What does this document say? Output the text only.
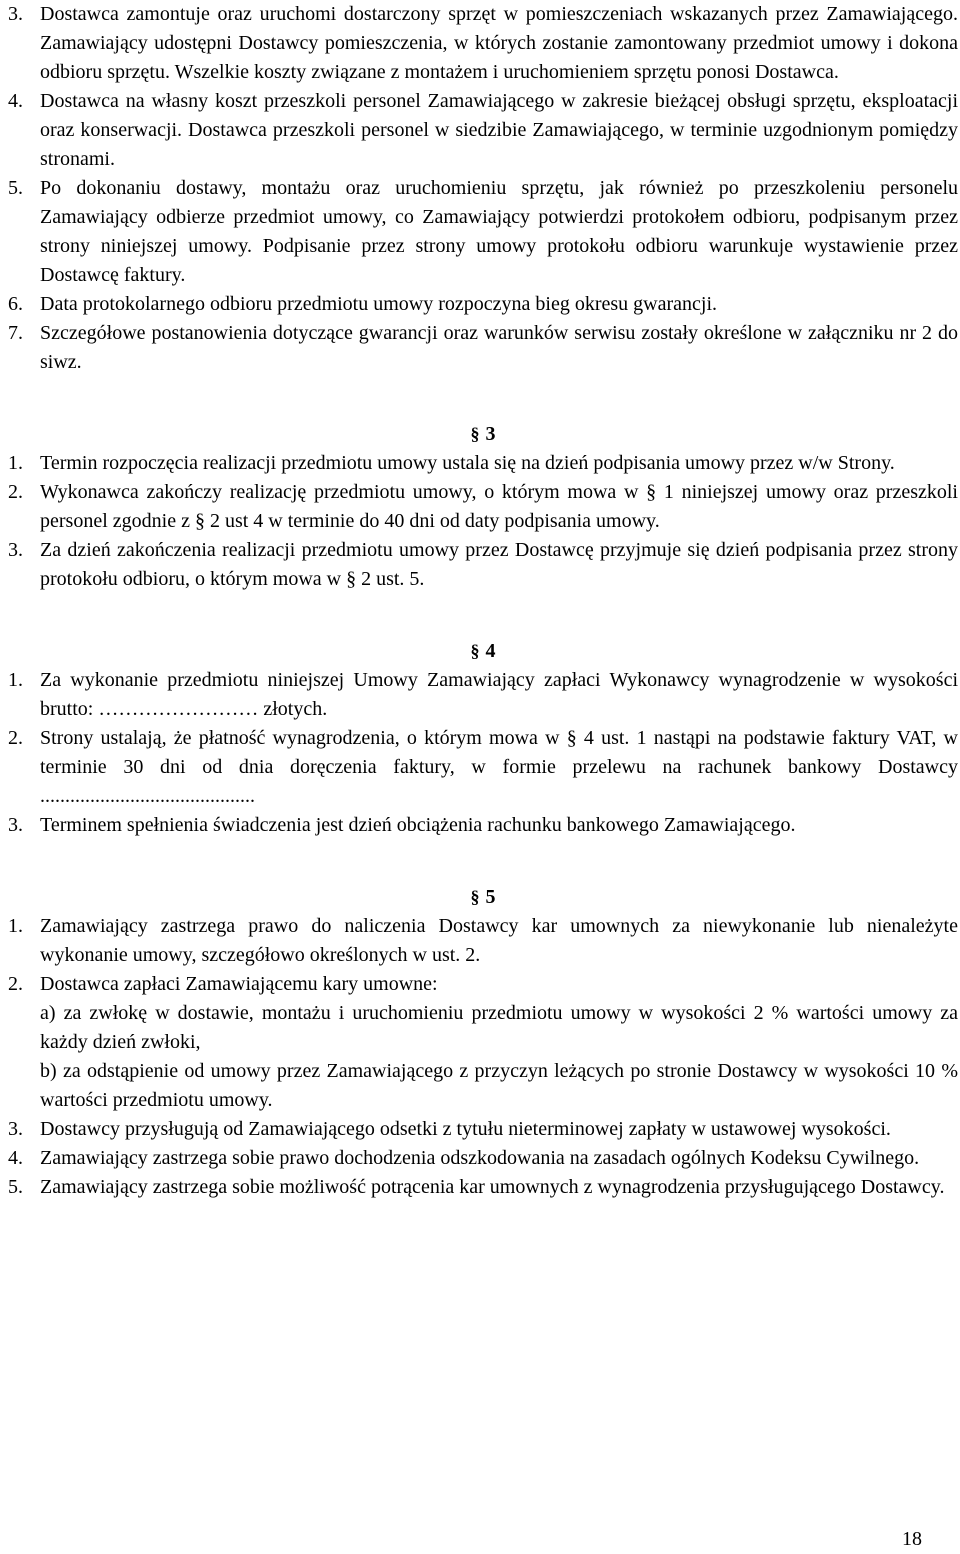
3. Dostawca zamontuje oraz uruchomi dostarczony sprzęt w pomieszczeniach wskazanych przez Zamawiającego. Zamawiający udostępni Dostawcy pomieszczenia, w których zostanie zamontowany przedmiot umowy i dokona odbioru sprzętu. Wszelkie koszty związane z montażem i uruchomieniem sprzętu ponosi Dostawca.
4. Dostawca na własny koszt przeszkoli personel Zamawiającego w zakresie bieżącej obsługi sprzętu, eksploatacji oraz konserwacji. Dostawca przeszkoli personel w siedzibie Zamawiającego, w terminie uzgodnionym pomiędzy stronami.
5. Po dokonaniu dostawy, montażu oraz uruchomieniu sprzętu, jak również po przeszkoleniu personelu Zamawiający odbierze przedmiot umowy, co Zamawiający potwierdzi protokołem odbioru, podpisanym przez strony niniejszej umowy. Podpisanie przez strony umowy protokołu odbioru warunkuje wystawienie przez Dostawcę faktury.
6. Data protokolarnego odbioru przedmiotu umowy rozpoczyna bieg okresu gwarancji.
7. Szczegółowe postanowienia dotyczące gwarancji oraz warunków serwisu zostały określone w załączniku nr 2 do siwz.
§ 3
1. Termin rozpoczęcia realizacji przedmiotu umowy ustala się na dzień podpisania umowy przez w/w Strony.
2. Wykonawca zakończy realizację przedmiotu umowy, o którym mowa w § 1 niniejszej umowy oraz przeszkoli personel zgodnie z § 2 ust 4 w terminie do 40 dni od daty podpisania umowy.
3. Za dzień zakończenia realizacji przedmiotu umowy przez Dostawcę przyjmuje się dzień podpisania przez strony protokołu odbioru, o którym mowa w § 2 ust. 5.
§ 4
1. Za wykonanie przedmiotu niniejszej Umowy Zamawiający zapłaci Wykonawcy wynagrodzenie w wysokości brutto: …………………… złotych.
2. Strony ustalają, że płatność wynagrodzenia, o którym mowa w § 4 ust. 1 nastąpi na podstawie faktury VAT, w terminie 30 dni od dnia doręczenia faktury, w formie przelewu na rachunek bankowy Dostawcy ...........................................
3. Terminem spełnienia świadczenia jest dzień obciążenia rachunku bankowego Zamawiającego.
§ 5
1. Zamawiający zastrzega prawo do naliczenia Dostawcy kar umownych za niewykonanie lub nienależyte wykonanie umowy, szczegółowo określonych w ust. 2.
2. Dostawca zapłaci Zamawiającemu kary umowne:
a) za zwłokę w dostawie, montażu i uruchomieniu przedmiotu umowy w wysokości 2 % wartości umowy za każdy dzień zwłoki,
b) za odstąpienie od umowy przez Zamawiającego z przyczyn leżących po stronie Dostawcy w wysokości 10 % wartości przedmiotu umowy.
3. Dostawcy przysługują od Zamawiającego odsetki z tytułu nieterminowej zapłaty w ustawowej wysokości.
4. Zamawiający zastrzega sobie prawo dochodzenia odszkodowania na zasadach ogólnych Kodeksu Cywilnego.
5. Zamawiający zastrzega sobie możliwość potrącenia kar umownych z wynagrodzenia przysługującego Dostawcy.
18
